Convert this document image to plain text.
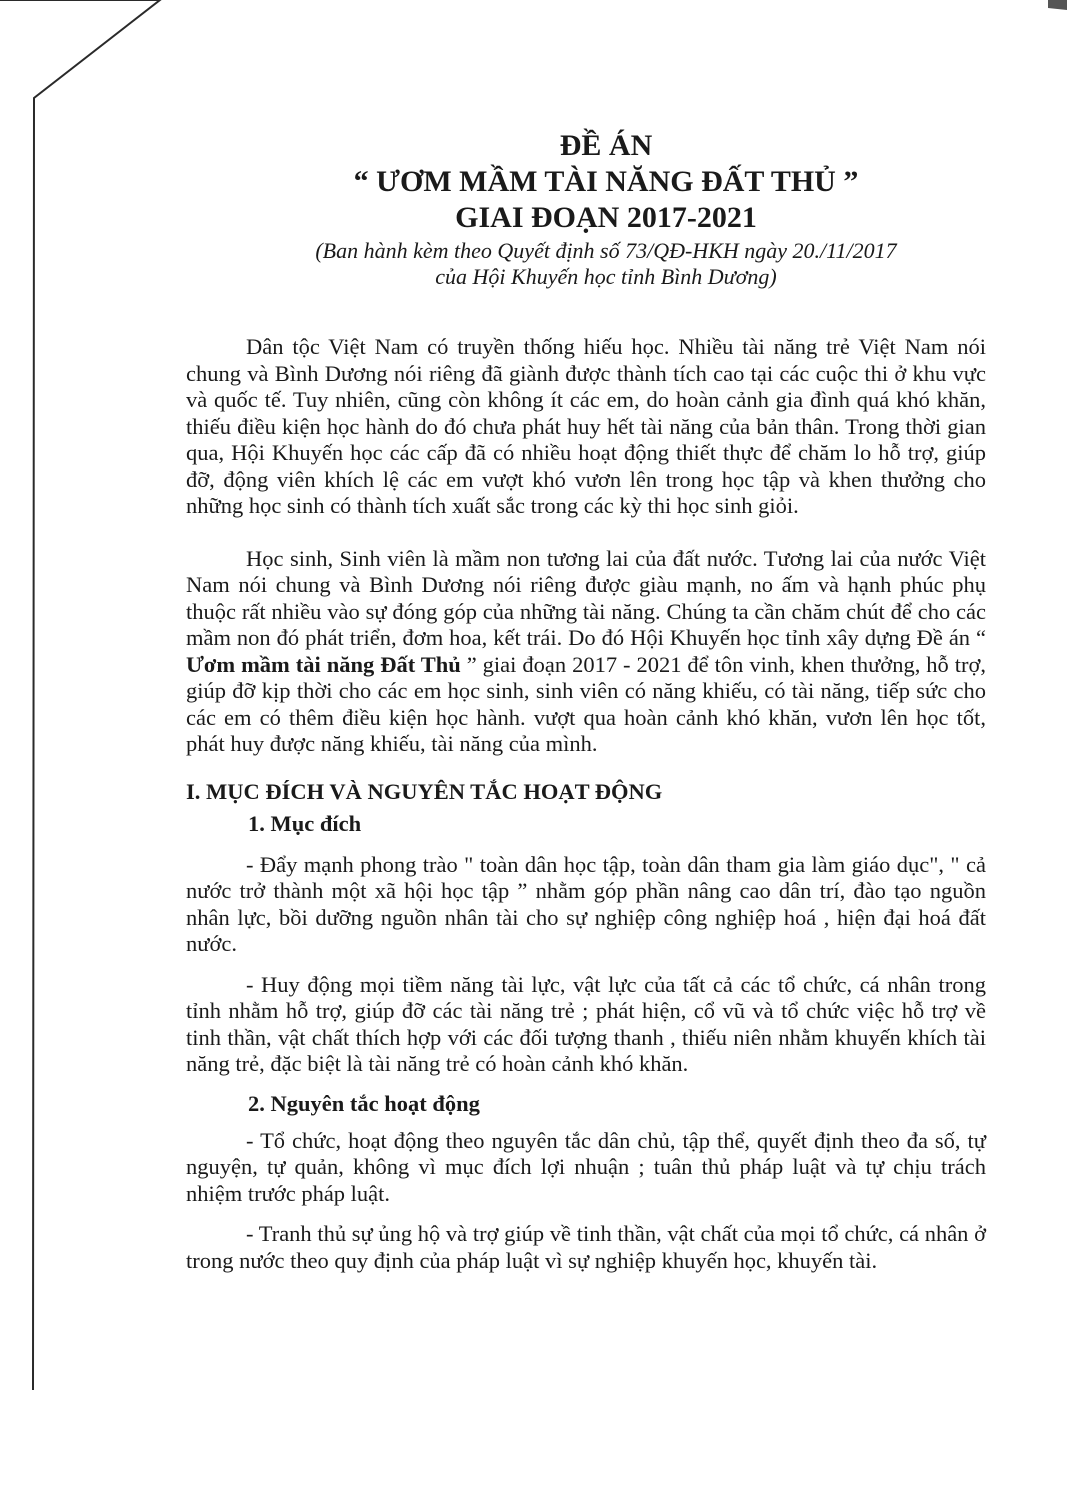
ĐỀ ÁN

“ ƯƠM MẦM TÀI NĂNG ĐẤT THỦ ”

GIAI ĐOẠN 2017-2021

(Ban hành kèm theo Quyết định số 73/QĐ-HKH ngày 20./11/2017

của Hội Khuyến học tỉnh Bình Dương)

Dân tộc Việt Nam có truyền thống hiếu học. Nhiều tài năng trẻ Việt Nam nói chung và Bình Dương nói riêng đã giành được thành tích cao tại các cuộc thi ở khu vực và quốc tế. Tuy nhiên, cũng còn không ít các em, do hoàn cảnh gia đình quá khó khăn, thiếu điều kiện học hành do đó chưa phát huy hết tài năng của bản thân. Trong thời gian qua, Hội Khuyến học các cấp đã có nhiều hoạt động thiết thực để chăm lo hỗ trợ, giúp đỡ, động viên khích lệ các em vượt khó vươn lên trong học tập và khen thưởng cho những học sinh có thành tích xuất sắc trong các kỳ thi học sinh giỏi.

Học sinh, Sinh viên là mầm non tương lai của đất nước. Tương lai của nước Việt Nam nói chung và Bình Dương nói riêng được giàu mạnh, no ấm và hạnh phúc phụ thuộc rất nhiều vào sự đóng góp của những tài năng. Chúng ta cần chăm chút để cho các mầm non đó phát triển, đơm hoa, kết trái. Do đó Hội Khuyến học tỉnh xây dựng Đề án “ Ươm mầm tài năng Đất Thủ ” giai đoạn 2017 - 2021 để tôn vinh, khen thưởng, hỗ trợ, giúp đỡ kịp thời cho các em học sinh, sinh viên có năng khiếu, có tài năng, tiếp sức cho các em có thêm điều kiện học hành. vượt qua hoàn cảnh khó khăn, vươn lên học tốt, phát huy được năng khiếu, tài năng của mình.

I. MỤC ĐÍCH VÀ NGUYÊN TẮC HOẠT ĐỘNG

1. Mục đích

- Đẩy mạnh phong trào " toàn dân học tập, toàn dân tham gia làm giáo dục", " cả nước trở thành một xã hội học tập ” nhằm góp phần nâng cao dân trí, đào tạo nguồn nhân lực, bồi dưỡng nguồn nhân tài cho sự nghiệp công nghiệp hoá , hiện đại hoá đất nước.

- Huy động mọi tiềm năng tài lực, vật lực của tất cả các tổ chức, cá nhân trong tỉnh nhằm hỗ trợ, giúp đỡ các tài năng trẻ ; phát hiện, cổ vũ và tổ chức việc hỗ trợ về tinh thần, vật chất thích hợp với các đối tượng thanh , thiếu niên nhằm khuyến khích tài năng trẻ, đặc biệt là tài năng trẻ có hoàn cảnh khó khăn.

2. Nguyên tắc hoạt động

- Tổ chức, hoạt động theo nguyên tắc dân chủ, tập thể, quyết định theo đa số, tự nguyện, tự quản, không vì mục đích lợi nhuận ; tuân thủ pháp luật và tự chịu trách nhiệm trước pháp luật.

- Tranh thủ sự ủng hộ và trợ giúp về tinh thần, vật chất của mọi tổ chức, cá nhân ở trong nước theo quy định của pháp luật vì sự nghiệp khuyến học, khuyến tài.
